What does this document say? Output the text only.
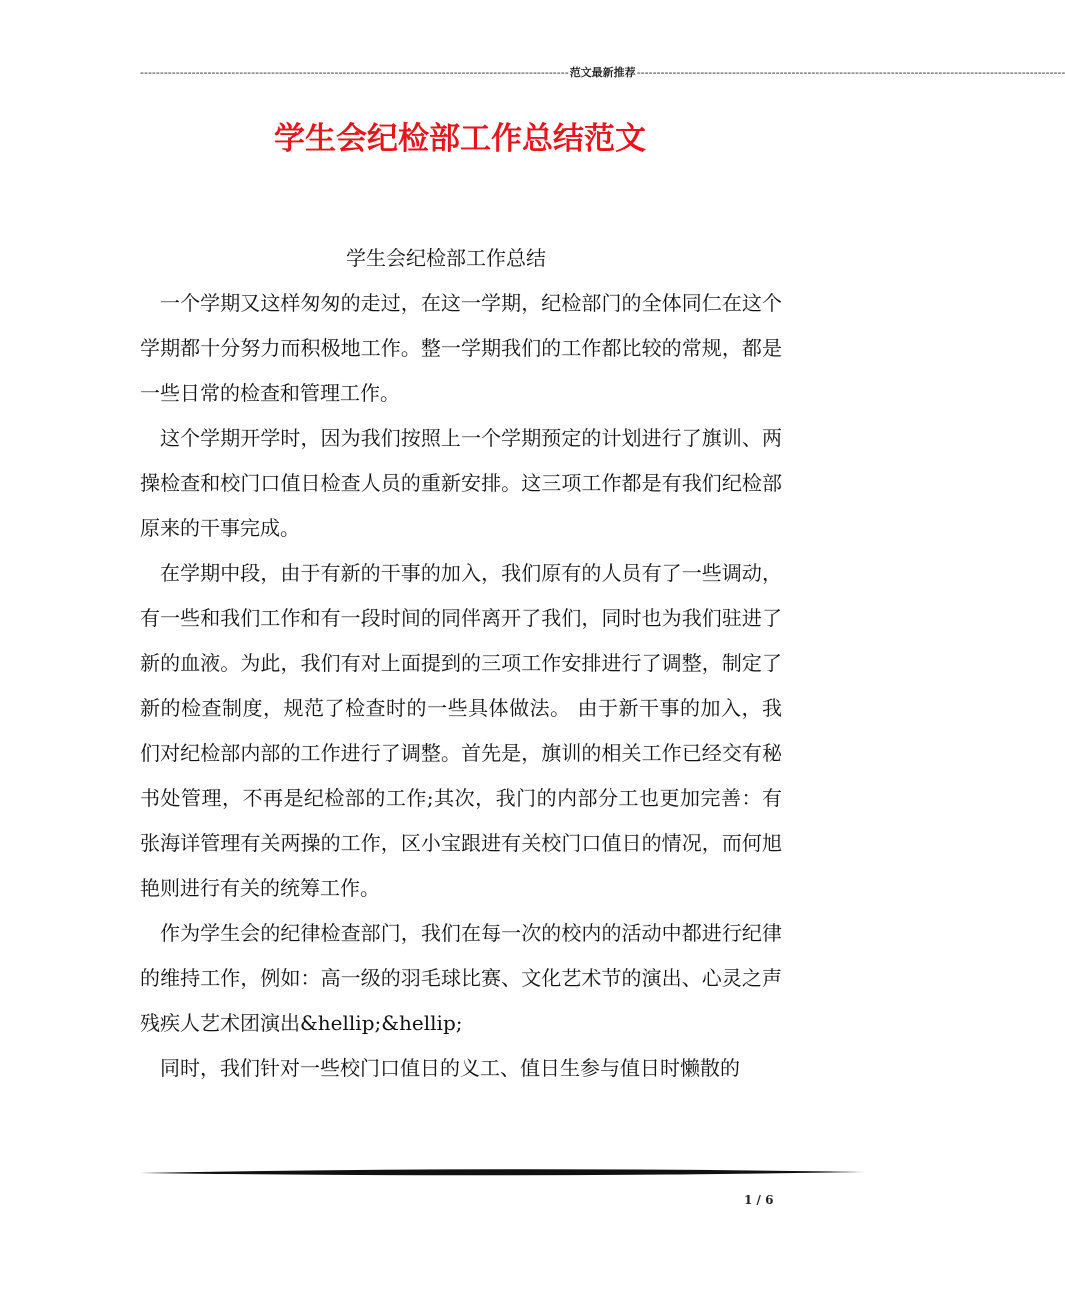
------------------------------------------------------------------------------------------------------------ 范文最新推荐 ------------------------------------------------------------------------------------------------------------
学生会纪检部工作总结范文

学生会纪检部工作总结

一个学期又这样匆匆的走过，在这一学期，纪检部门的全体同仁在这个学期都十分努力而积极地工作。整一学期我们的工作都比较的常规，都是一些日常的检查和管理工作。

这个学期开学时，因为我们按照上一个学期预定的计划进行了旗训、两操检查和校门口值日检查人员的重新安排。这三项工作都是有我们纪检部原来的干事完成。

在学期中段，由于有新的干事的加入，我们原有的人员有了一些调动，有一些和我们工作和有一段时间的同伴离开了我们，同时也为我们驻进了新的血液。为此，我们有对上面提到的三项工作安排进行了调整，制定了新的检查制度，规范了检查时的一些具体做法。 由于新干事的加入，我们对纪检部内部的工作进行了调整。首先是，旗训的相关工作已经交有秘书处管理，不再是纪检部的工作;其次，我门的内部分工也更加完善：有张海详管理有关两操的工作，区小宝跟进有关校门口值日的情况，而何旭艳则进行有关的统筹工作。

作为学生会的纪律检查部门，我们在每一次的校内的活动中都进行纪律的维持工作，例如：高一级的羽毛球比赛、文化艺术节的演出、心灵之声残疾人艺术团演出&hellip;&hellip;

同时，我们针对一些校门口值日的义工、值日生参与值日时懒散的

1 / 6
